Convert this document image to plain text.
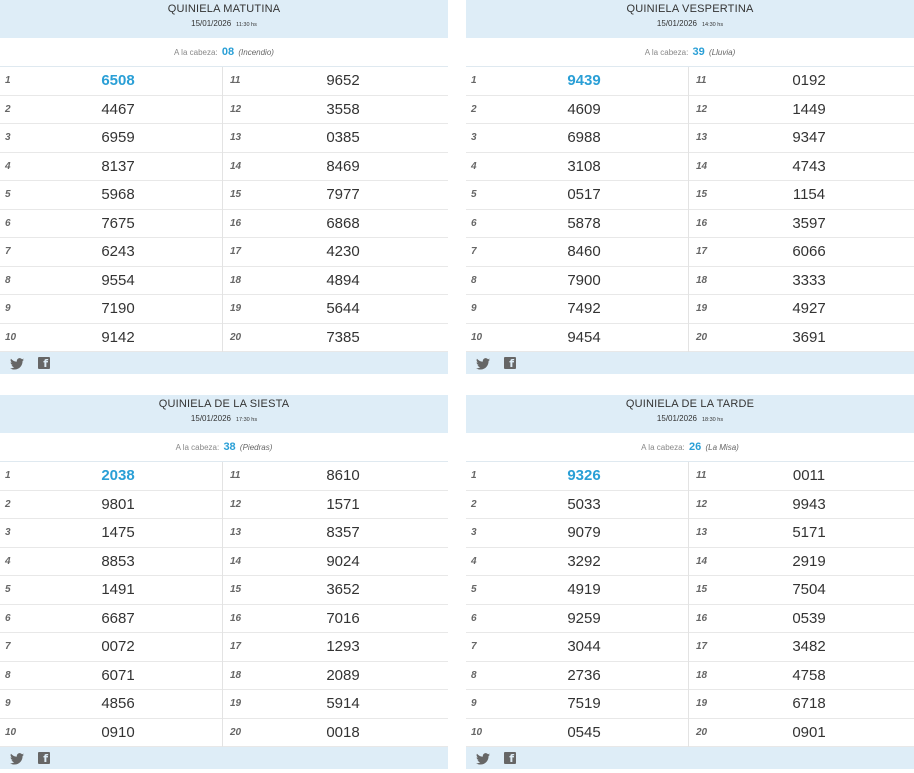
QUINIELA MATUTINA
15/01/2026 11:30 hs
A la cabeza: 08 (Incendio)
1	6508
2	4467
3	6959
4	8137
5	5968
6	7675
7	6243
8	9554
9	7190
10	9142
11	9652
12	3558
13	0385
14	8469
15	7977
16	6868
17	4230
18	4894
19	5644
20	7385
f
QUINIELA VESPERTINA
15/01/2026 14:30 hs
A la cabeza: 39 (Lluvia)
1	9439
2	4609
3	6988
4	3108
5	0517
6	5878
7	8460
8	7900
9	7492
10	9454
11	0192
12	1449
13	9347
14	4743
15	1154
16	3597
17	6066
18	3333
19	4927
20	3691
f
QUINIELA DE LA SIESTA
15/01/2026 17:30 hs
A la cabeza: 38 (Piedras)
1	2038
2	9801
3	1475
4	8853
5	1491
6	6687
7	0072
8	6071
9	4856
10	0910
11	8610
12	1571
13	8357
14	9024
15	3652
16	7016
17	1293
18	2089
19	5914
20	0018
f
QUINIELA DE LA TARDE
15/01/2026 18:30 hs
A la cabeza: 26 (La Misa)
1	9326
2	5033
3	9079
4	3292
5	4919
6	9259
7	3044
8	2736
9	7519
10	0545
11	0011
12	9943
13	5171
14	2919
15	7504
16	0539
17	3482
18	4758
19	6718
20	0901
f
